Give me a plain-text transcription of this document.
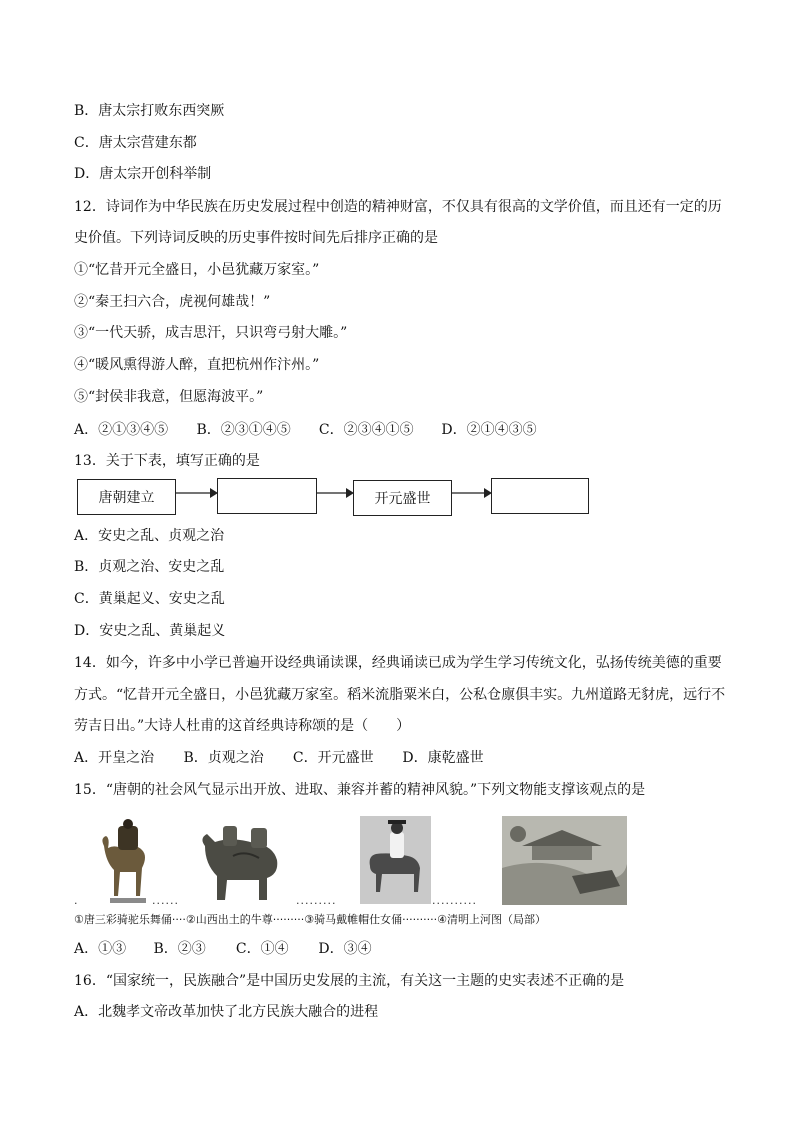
B．唐太宗打败东西突厥
C．唐太宗营建东都
D．唐太宗开创科举制
12．诗词作为中华民族在历史发展过程中创造的精神财富，不仅具有很高的文学价值，而且还有一定的历
史价值。下列诗词反映的历史事件按时间先后排序正确的是
①“忆昔开元全盛日，小邑犹藏万家室。”
②“秦王扫六合，虎视何雄哉！”
③“一代天骄，成吉思汗，只识弯弓射大雕。”
④“暖风熏得游人醉，直把杭州作汴州。”
⑤“封侯非我意，但愿海波平。”
A．②①③④⑤ B．②③①④⑤ C．②③④①⑤ D．②①④③⑤
13．关于下表，填写正确的是
唐朝建立	开元盛世
A．安史之乱、贞观之治
B．贞观之治、安史之乱
C．黄巢起义、安史之乱
D．安史之乱、黄巢起义
14．如今，许多中小学已普遍开设经典诵读课，经典诵读已成为学生学习传统文化，弘扬传统美德的重要
方式。“忆昔开元全盛日，小邑犹藏万家室。稻米流脂粟米白，公私仓廪俱丰实。九州道路无豺虎，远行不
劳吉日出。”大诗人杜甫的这首经典诗称颂的是（　　）
A．开皇之治 B．贞观之治 C．开元盛世 D．康乾盛世
15．“唐朝的社会风气显示出开放、进取、兼容并蓄的精神风貌。”下列文物能支撑该观点的是
.	......	.........	..........
①唐三彩骑驼乐舞俑····②山西出土的牛尊·········③骑马戴帷帽仕女俑··········④清明上河图（局部）
A．①③ B．②③ C．①④ D．③④
16．“国家统一，民族融合”是中国历史发展的主流，有关这一主题的史实表述不正确的是
A．北魏孝文帝改革加快了北方民族大融合的进程
